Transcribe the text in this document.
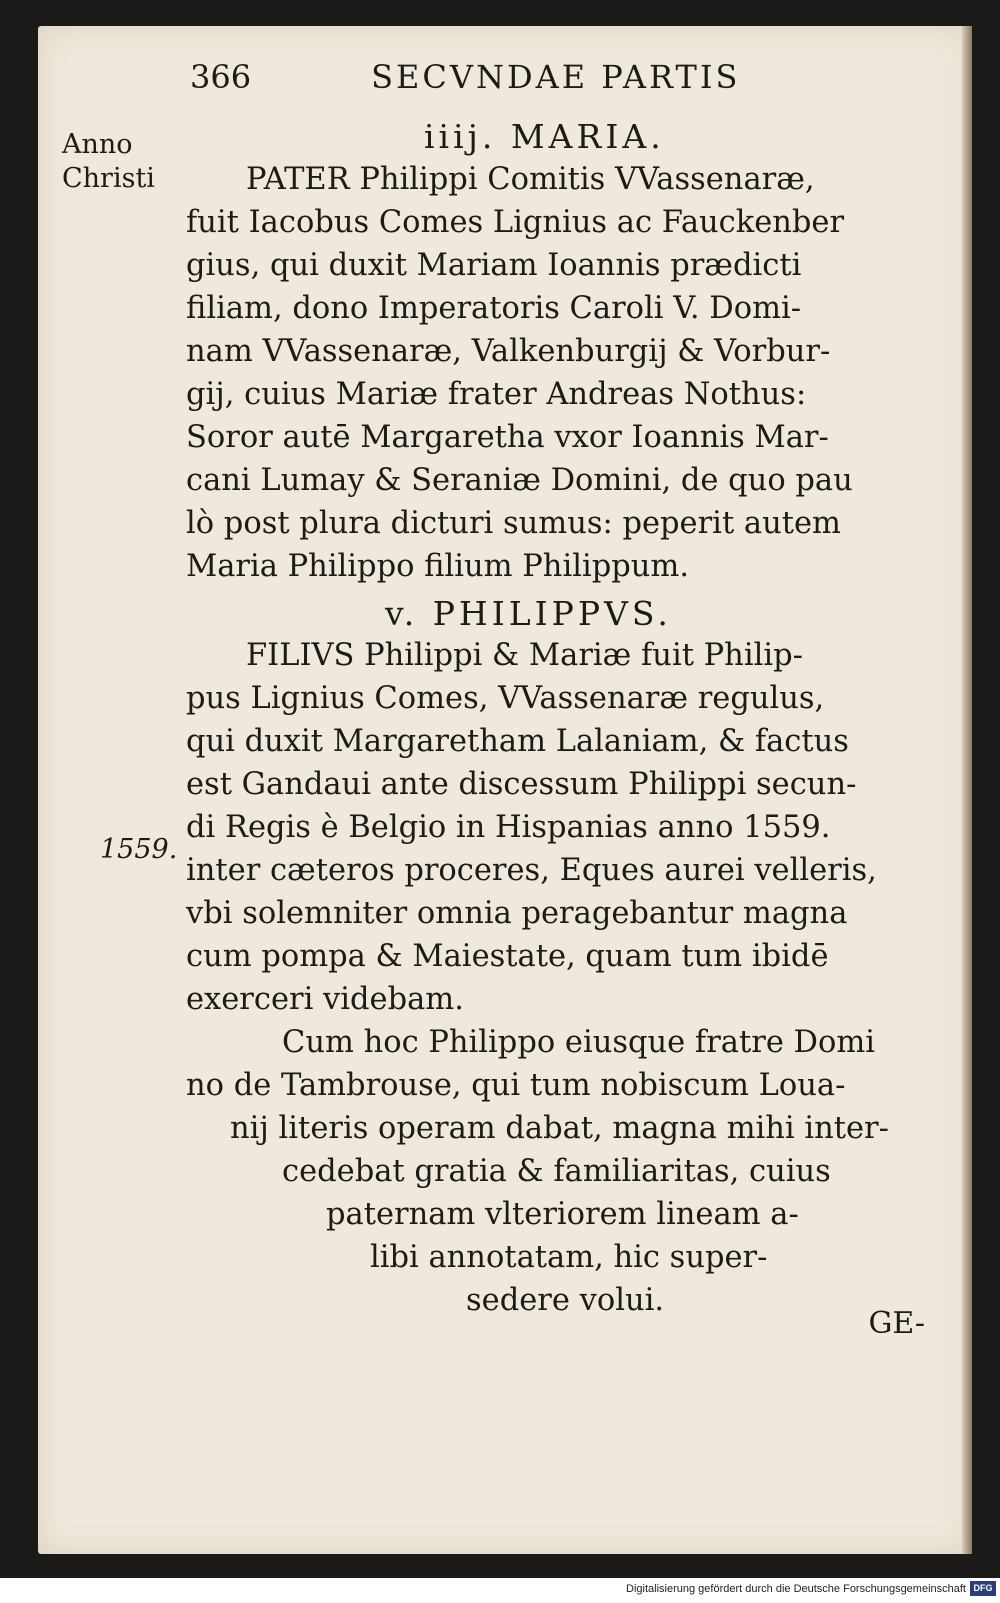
366	SECVNDAE PARTIS
Anno
Christi
1559.
iiij. MARIA.
PATER Philippi Comitis VVassenaræ,
fuit Iacobus Comes Lignius ac Fauckenber
gius, qui duxit Mariam Ioannis prædicti
filiam, dono Imperatoris Caroli V. Domi-
nam VVassenaræ, Valkenburgij & Vorbur-
gij, cuius Mariæ frater Andreas Nothus:
Soror autē Margaretha vxor Ioannis Mar-
cani Lumay & Seraniæ Domini, de quo pau
lò post plura dicturi sumus: peperit autem
Maria Philippo filium Philippum.
v. PHILIPPVS.
FILIVS Philippi & Mariæ fuit Philip-
pus Lignius Comes, VVassenaræ regulus,
qui duxit Margaretham Lalaniam, & factus
est Gandaui ante discessum Philippi secun-
di Regis è Belgio in Hispanias anno 1559.
inter cæteros proceres, Eques aurei velleris,
vbi solemniter omnia peragebantur magna
cum pompa & Maiestate, quam tum ibidē
exerceri videbam.
Cum hoc Philippo eiusque fratre Domi
no de Tambrouse, qui tum nobiscum Loua-
nij literis operam dabat, magna mihi inter-
cedebat gratia & familiaritas, cuius
paternam vlteriorem lineam a-
libi annotatam, hic super-
sedere volui.
GE-
Digitalisierung gefördert durch die Deutsche Forschungsgemeinschaft DFG
